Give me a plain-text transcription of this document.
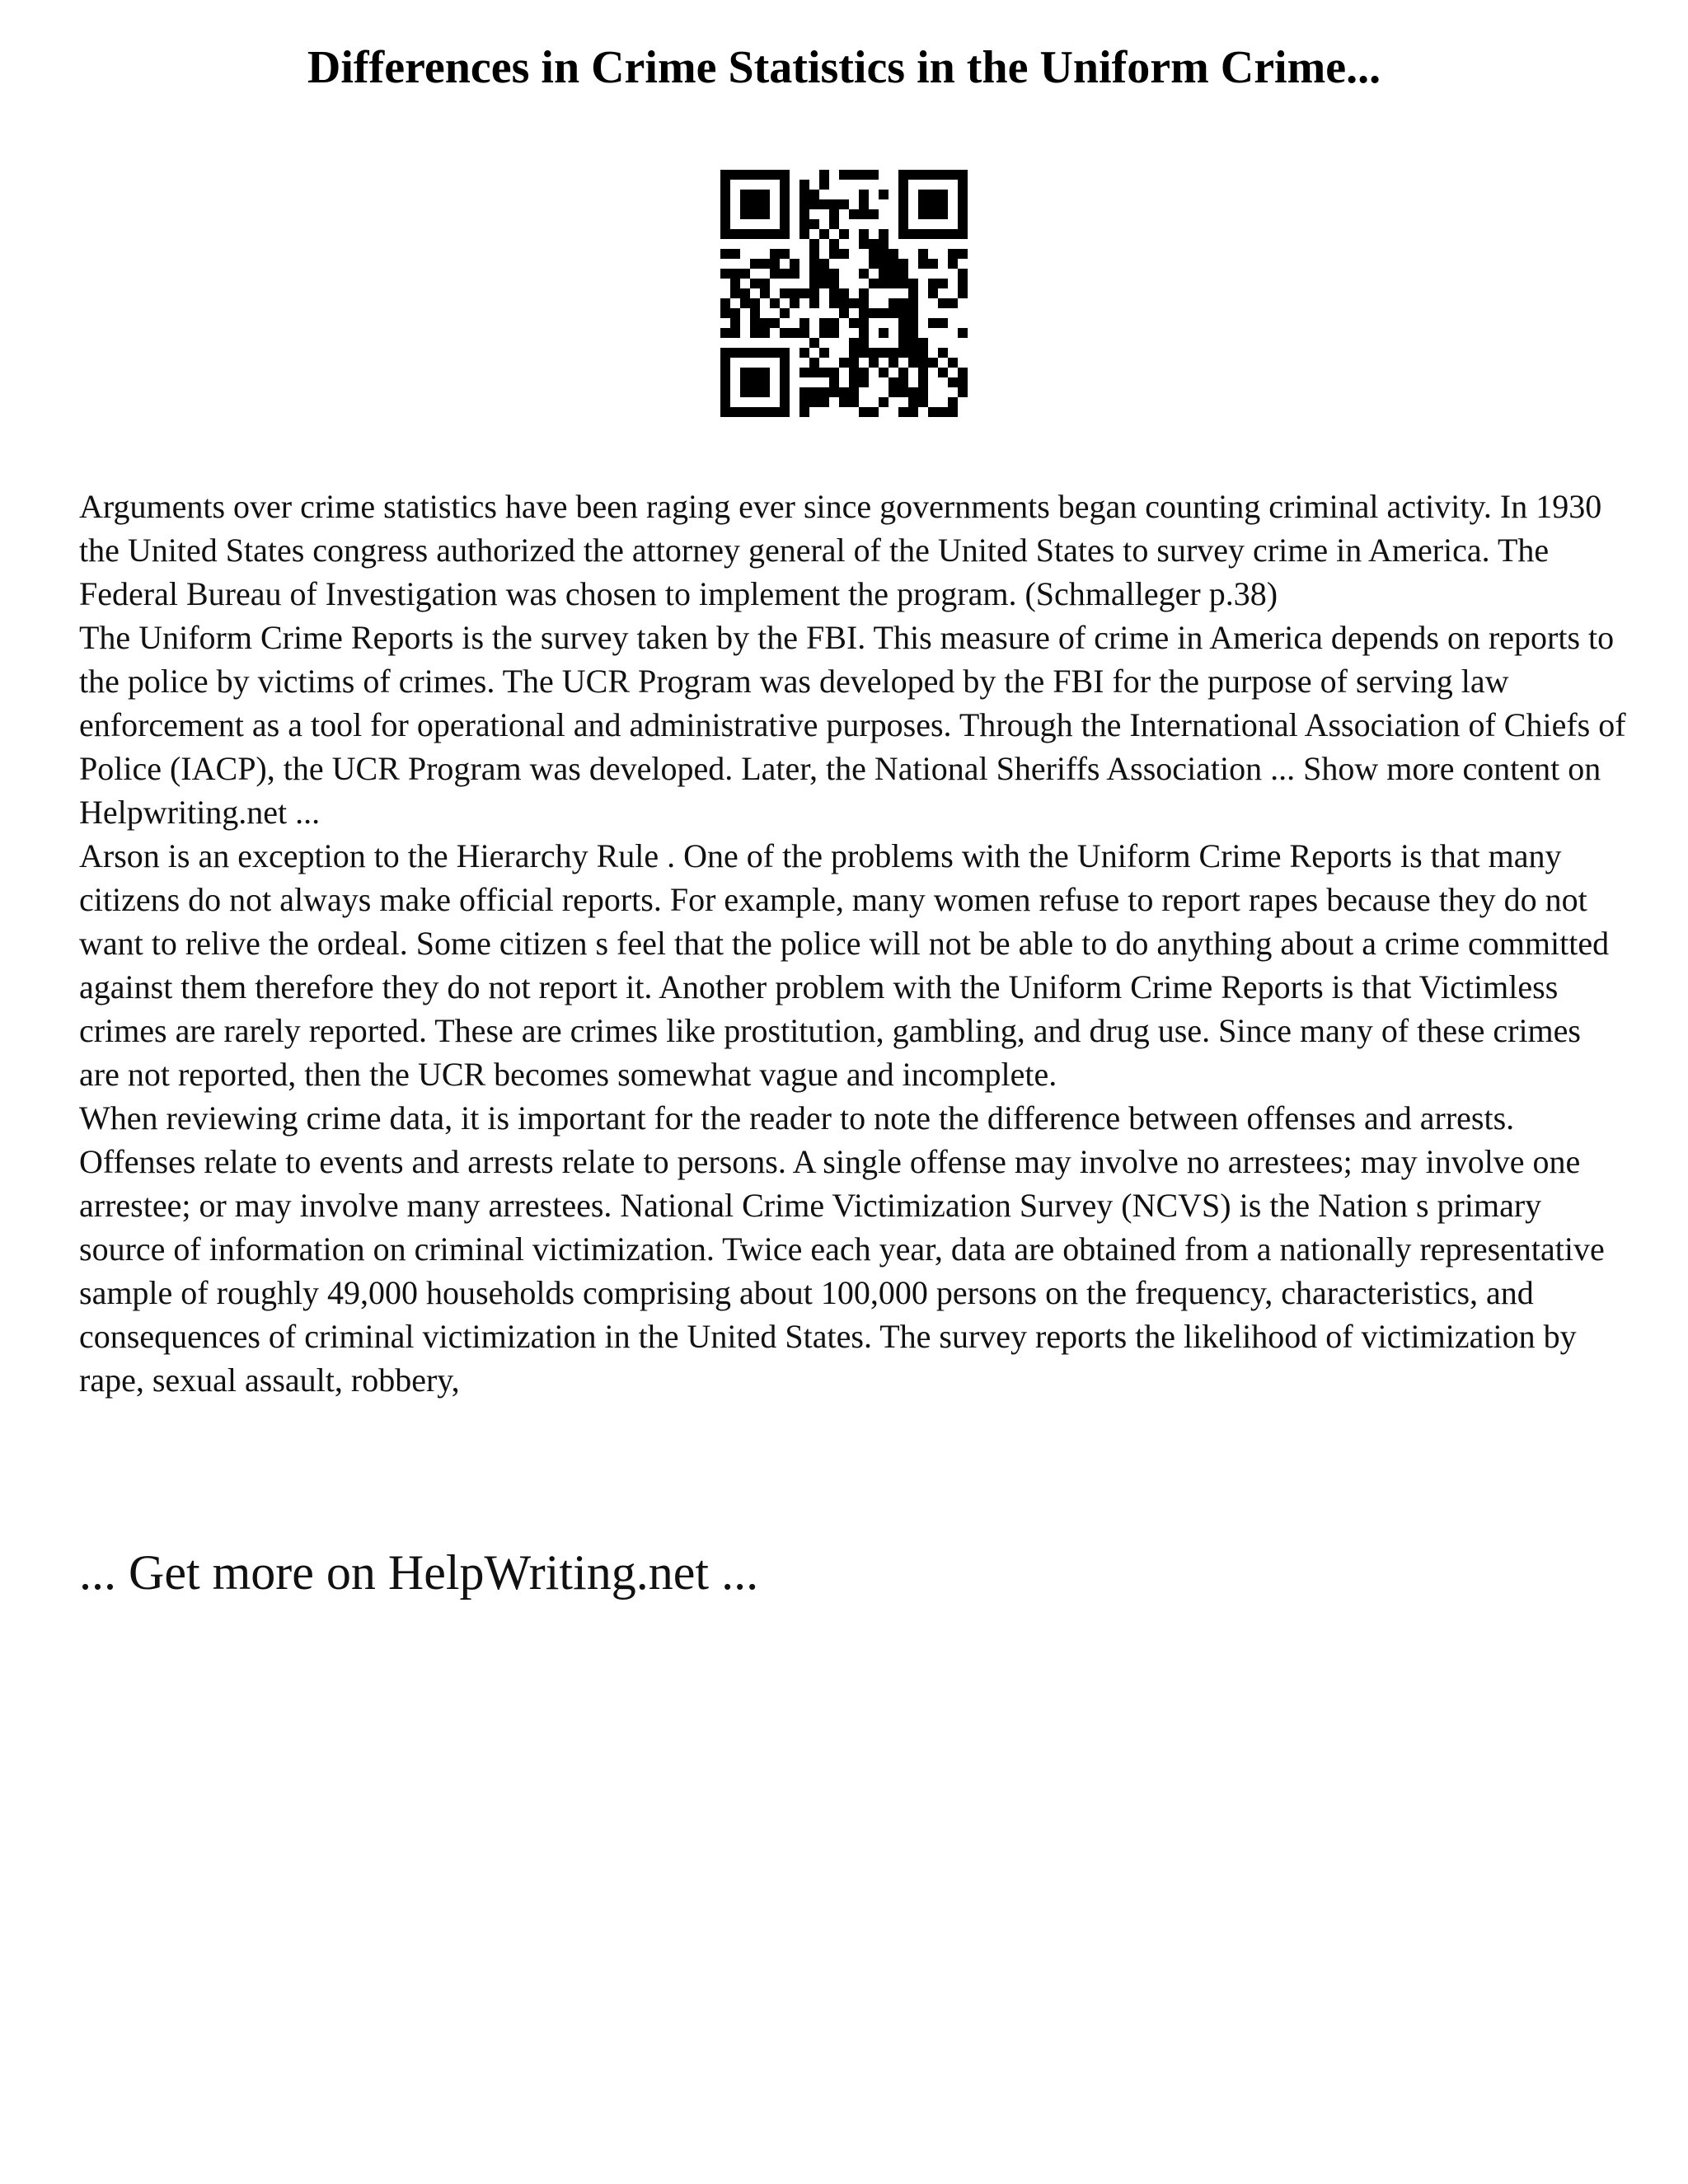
Differences in Crime Statistics in the Uniform Crime...

Arguments over crime statistics have been raging ever since governments began counting criminal activity. In 1930 the United States congress authorized the attorney general of the United States to survey crime in America. The Federal Bureau of Investigation was chosen to implement the program. (Schmalleger p.38)

The Uniform Crime Reports is the survey taken by the FBI. This measure of crime in America depends on reports to the police by victims of crimes. The UCR Program was developed by the FBI for the purpose of serving law enforcement as a tool for operational and administrative purposes. Through the International Association of Chiefs of Police (IACP), the UCR Program was developed. Later, the National Sheriffs Association ... Show more content on Helpwriting.net ...

Arson is an exception to the Hierarchy Rule . One of the problems with the Uniform Crime Reports is that many citizens do not always make official reports. For example, many women refuse to report rapes because they do not want to relive the ordeal. Some citizen s feel that the police will not be able to do anything about a crime committed against them therefore they do not report it. Another problem with the Uniform Crime Reports is that Victimless crimes are rarely reported. These are crimes like prostitution, gambling, and drug use. Since many of these crimes are not reported, then the UCR becomes somewhat vague and incomplete.

When reviewing crime data, it is important for the reader to note the difference between offenses and arrests. Offenses relate to events and arrests relate to persons. A single offense may involve no arrestees; may involve one arrestee; or may involve many arrestees. National Crime Victimization Survey (NCVS) is the Nation s primary source of information on criminal victimization. Twice each year, data are obtained from a nationally representative sample of roughly 49,000 households comprising about 100,000 persons on the frequency, characteristics, and consequences of criminal victimization in the United States. The survey reports the likelihood of victimization by rape, sexual assault, robbery,

... Get more on HelpWriting.net ...
